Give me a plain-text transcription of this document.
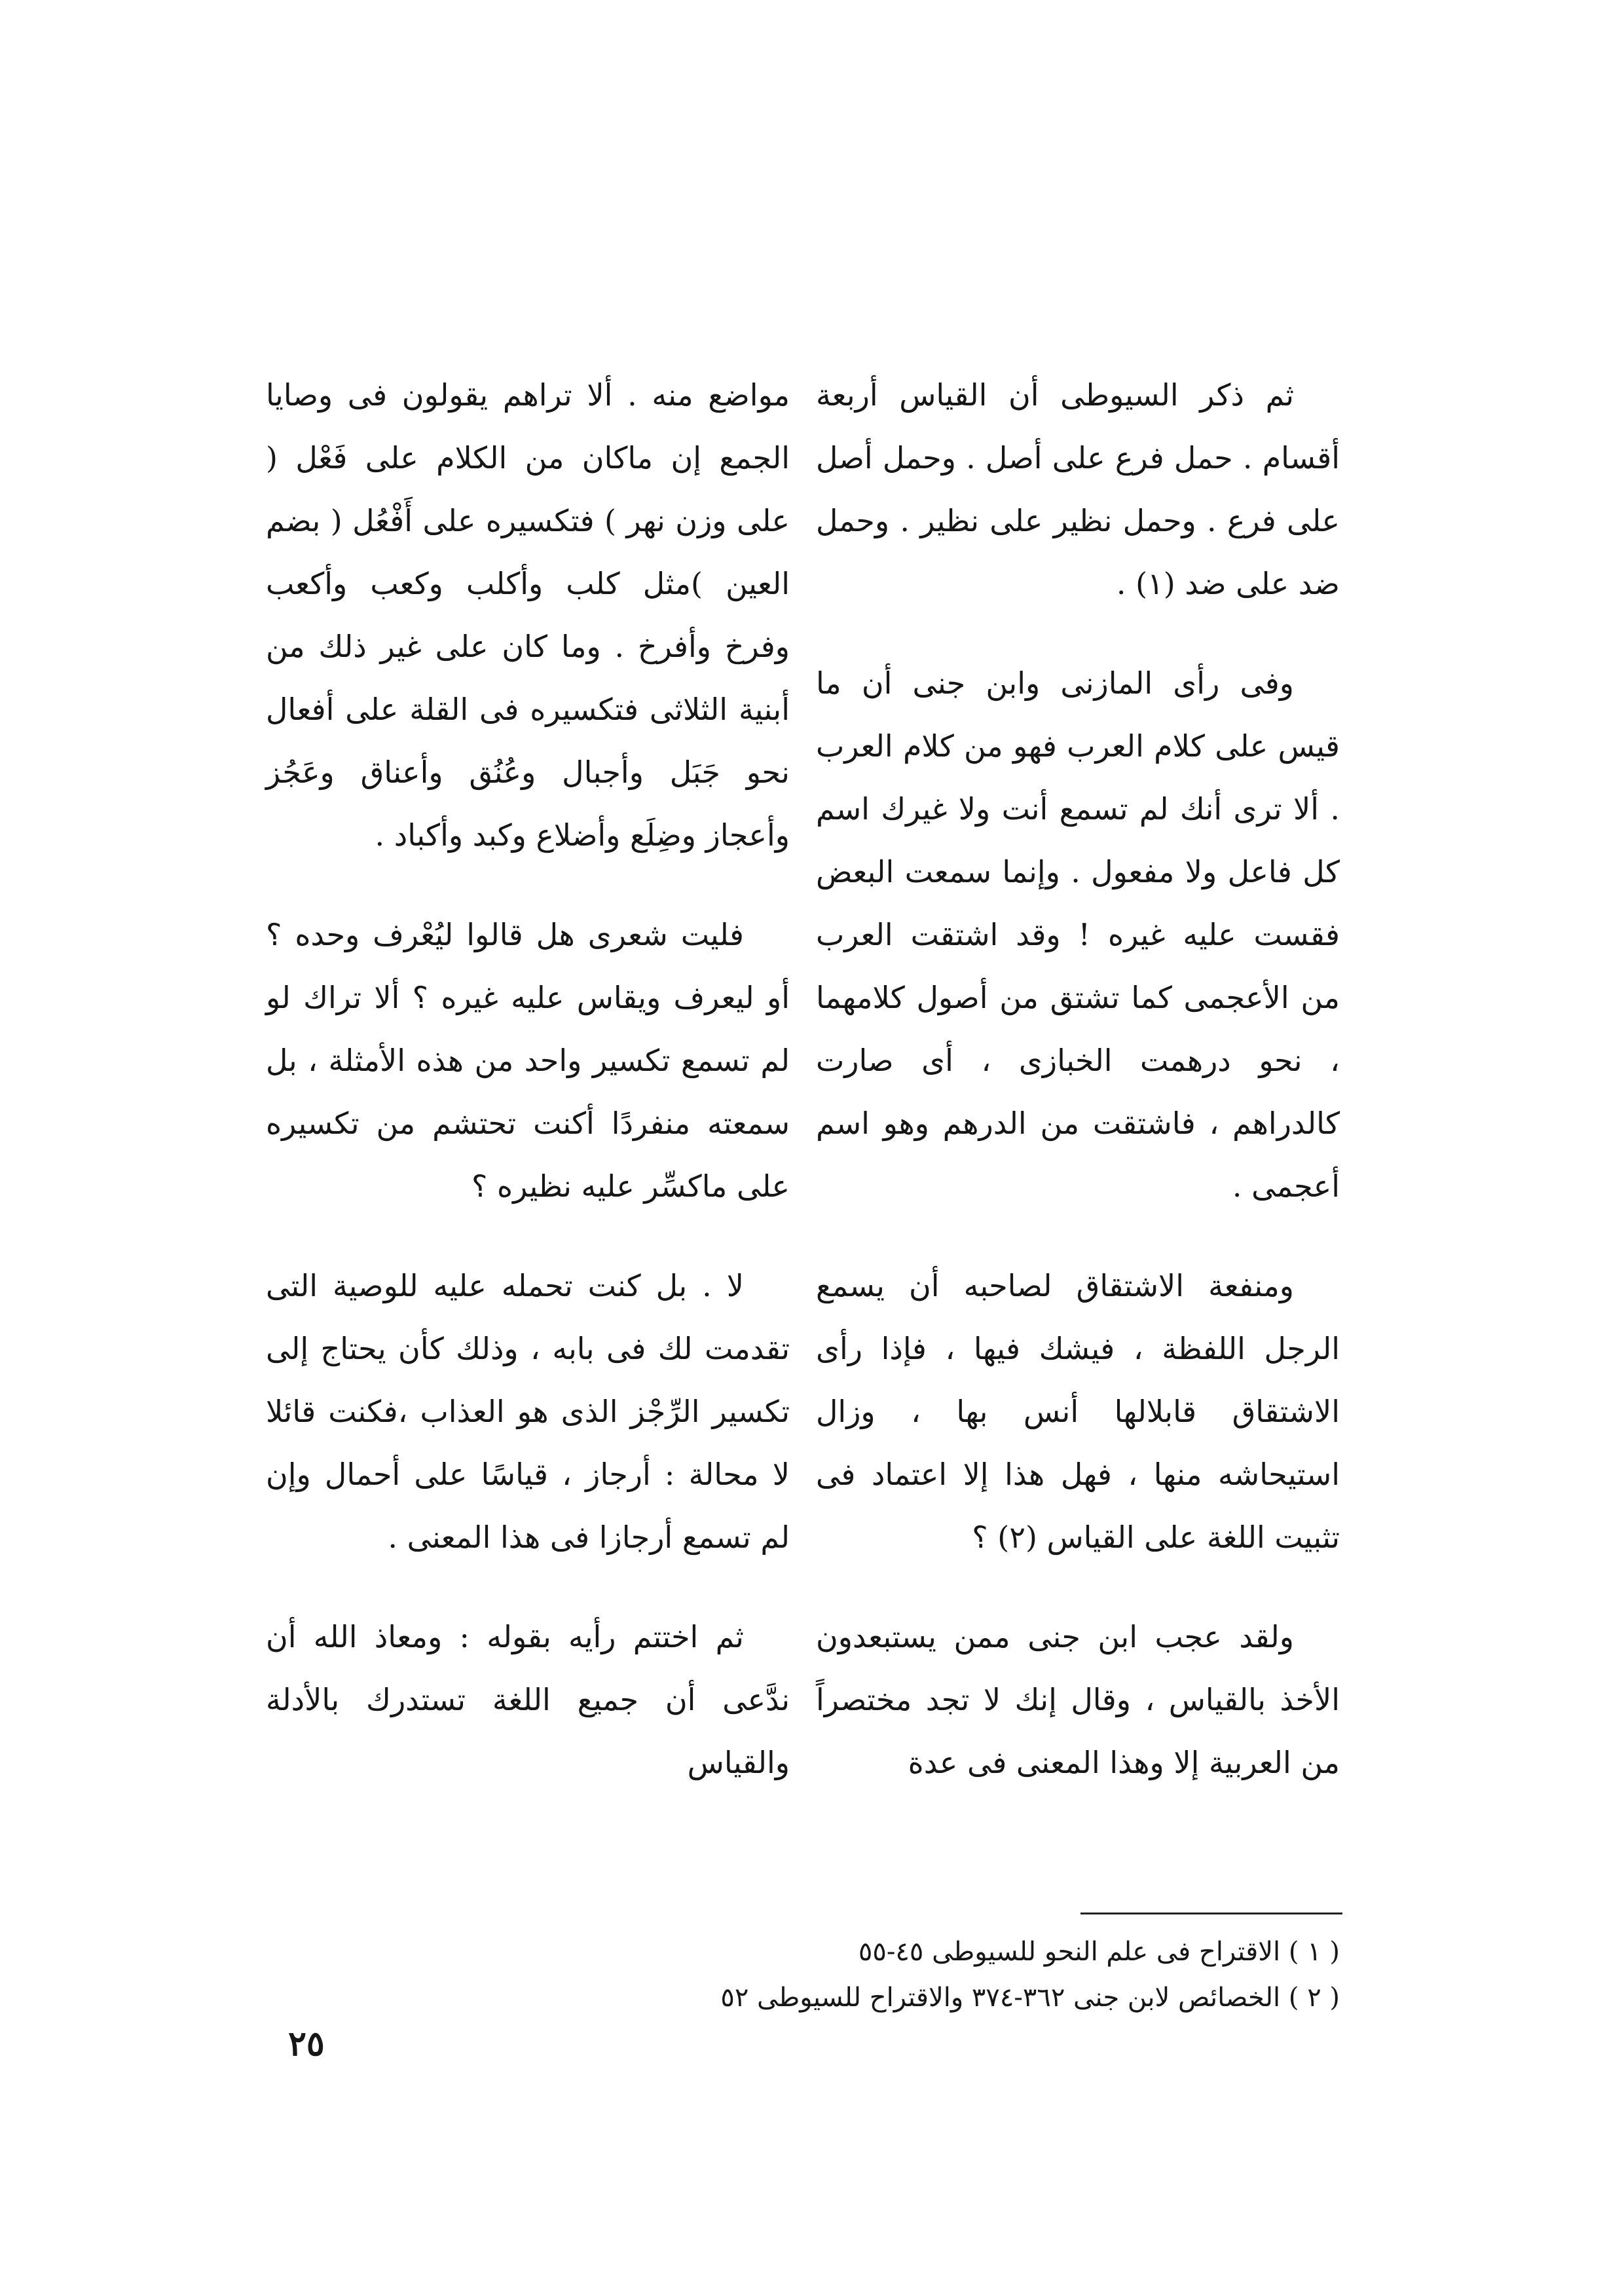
ثم ذكر السيوطى أن القياس أربعة أقسام . حمل فرع على أصل . وحمل أصل على فرع . وحمل نظير على نظير . وحمل ضد على ضد (١) .

وفى رأى المازنى وابن جنى أن ما قيس على كلام العرب فهو من كلام العرب . ألا ترى أنك لم تسمع أنت ولا غيرك اسم كل فاعل ولا مفعول . وإنما سمعت البعض فقست عليه غيره ! وقد اشتقت العرب من الأعجمى كما تشتق من أصول كلامهما ، نحو درهمت الخبازى ، أى صارت كالدراهم ، فاشتقت من الدرهم وهو اسم أعجمى .

ومنفعة الاشتقاق لصاحبه أن يسمع الرجل اللفظة ، فيشك فيها ، فإذا رأى الاشتقاق قابلالها أنس بها ، وزال استيحاشه منها ، فهل هذا إلا اعتماد فى تثبيت اللغة على القياس (٢) ؟

ولقد عجب ابن جنى ممن يستبعدون الأخذ بالقياس ، وقال إنك لا تجد مختصراً من العربية إلا وهذا المعنى فى عدة

مواضع منه . ألا تراهم يقولون فى وصايا الجمع إن ماكان من الكلام على فَعْل ( على وزن نهر ) فتكسيره على أَفْعُل ( بضم العين )مثل كلب وأكلب وكعب وأكعب وفرخ وأفرخ . وما كان على غير ذلك من أبنية الثلاثى فتكسيره فى القلة على أفعال نحو جَبَل وأجبال وعُنُق وأعناق وعَجُز وأعجاز وضِلَع وأضلاع وكبد وأكباد .

فليت شعرى هل قالوا ليُعْرف وحده ؟ أو ليعرف ويقاس عليه غيره ؟ ألا تراك لو لم تسمع تكسير واحد من هذه الأمثلة ، بل سمعته منفردًا أكنت تحتشم من تكسيره على ماكسِّر عليه نظيره ؟

لا . بل كنت تحمله عليه للوصية التى تقدمت لك فى بابه ، وذلك كأن يحتاج إلى تكسير الرِّجْز الذى هو العذاب ،فكنت قائلا لا محالة : أرجاز ، قياسًا على أحمال وإن لم تسمع أرجازا فى هذا المعنى .

ثم اختتم رأيه بقوله : ومعاذ الله أن ندَّعى أن جميع اللغة تستدرك بالأدلة والقياس

( ١ ) الاقتراح فى علم النحو للسيوطى ٤٥-٥٥

( ٢ ) الخصائص لابن جنى ٣٦٢-٣٧٤ والاقتراح للسيوطى ٥٢

٢٥
